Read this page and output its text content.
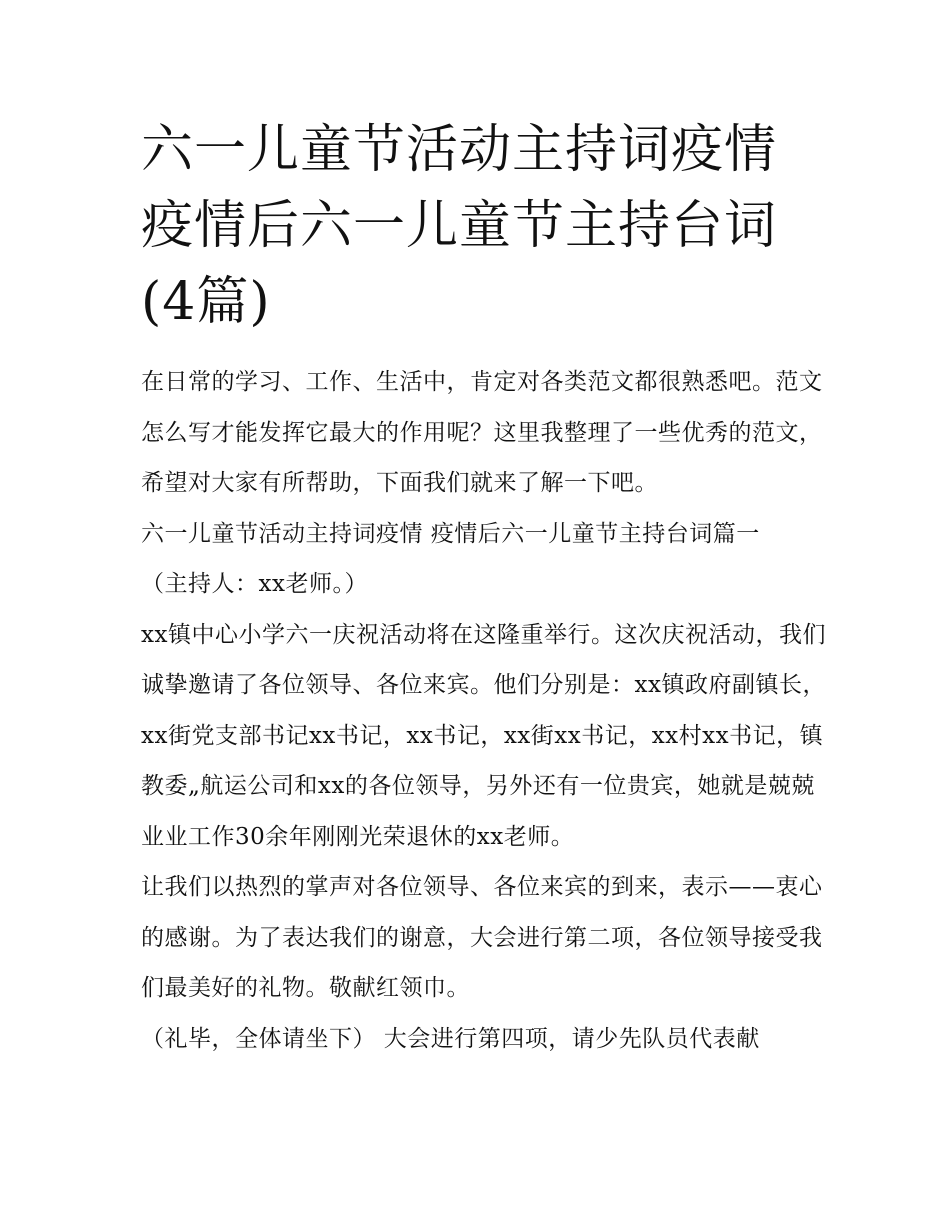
六一儿童节活动主持词疫情 疫情后六一儿童节主持台词(4篇)

在日常的学习、工作、生活中，肯定对各类范文都很熟悉吧。范文怎么写才能发挥它最大的作用呢？这里我整理了一些优秀的范文，希望对大家有所帮助，下面我们就来了解一下吧。

六一儿童节活动主持词疫情 疫情后六一儿童节主持台词篇一

（主持人：xx老师。）

xx镇中心小学六一庆祝活动将在这隆重举行。这次庆祝活动，我们诚挚邀请了各位领导、各位来宾。他们分别是：xx镇政府副镇长，xx街党支部书记xx书记，xx书记，xx街xx书记，xx村xx书记，镇教委„航运公司和xx的各位领导，另外还有一位贵宾，她就是兢兢业业工作30余年刚刚光荣退休的xx老师。

让我们以热烈的掌声对各位领导、各位来宾的到来，表示——衷心的感谢。为了表达我们的谢意，大会进行第二项，各位领导接受我们最美好的礼物。敬献红领巾。

（礼毕，全体请坐下） 大会进行第四项，请少先队员代表献
